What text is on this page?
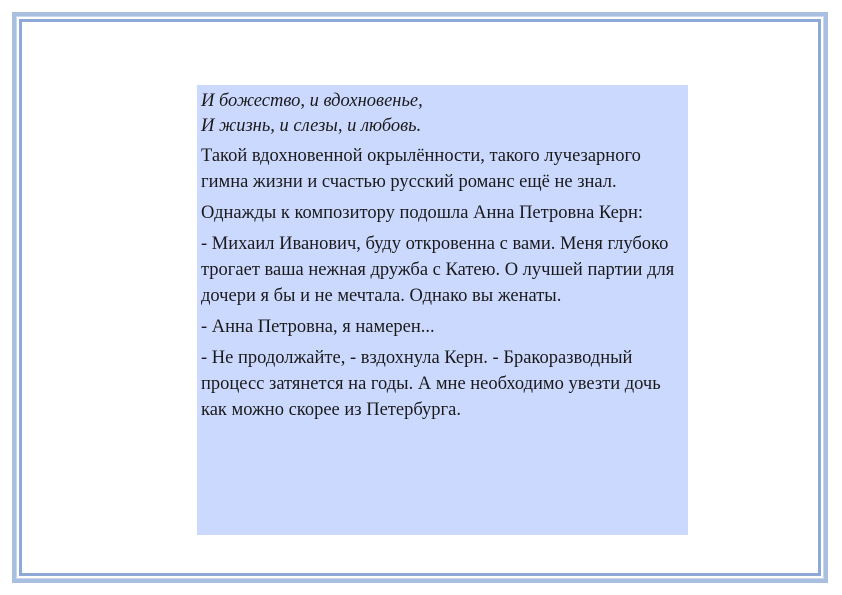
И божество, и вдохновенье,
И жизнь, и слезы, и любовь.

Такой вдохновенной окрылённости, такого лучезарного гимна жизни и счастью русский романс ещё не знал.

Однажды к композитору подошла Анна Петровна Керн:

- Михаил Иванович, буду откровенна с вами. Меня глубоко трогает ваша нежная дружба с Катею. О лучшей партии для дочери я бы и не мечтала. Однако вы женаты.

- Анна Петровна, я намерен...

- Не продолжайте, - вздохнула Керн. - Бракоразводный процесс затянется на годы. А мне необходимо увезти дочь как можно скорее из Петербурга.
